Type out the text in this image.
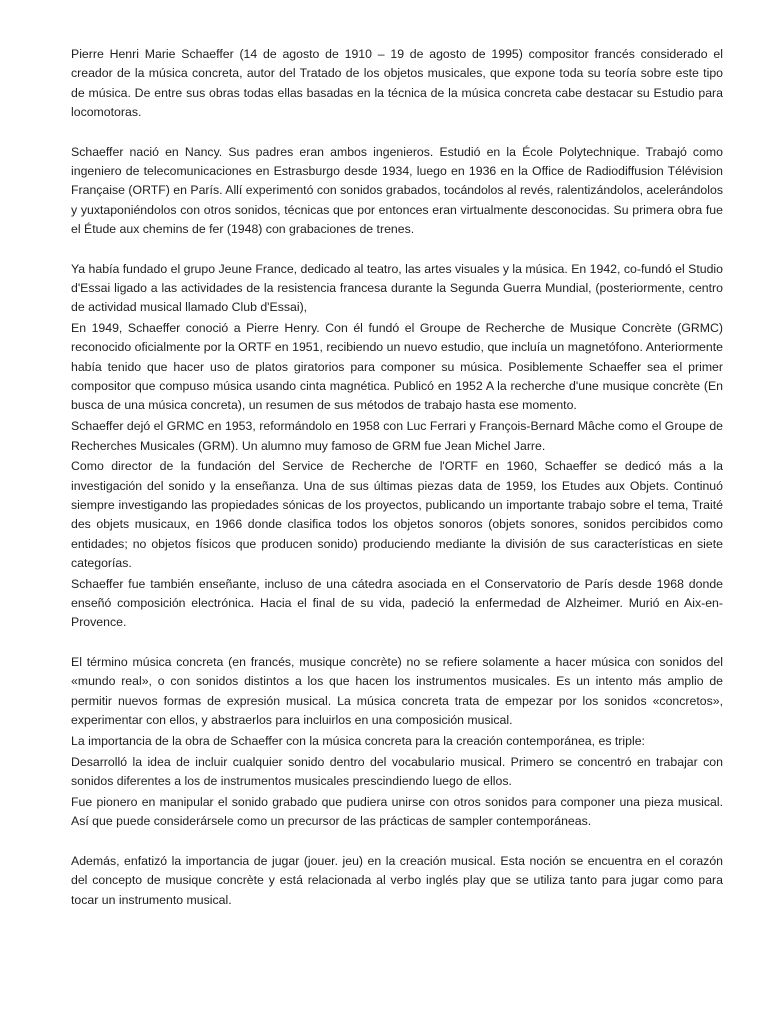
Pierre Henri Marie Schaeffer (14 de agosto de 1910 – 19 de agosto de 1995) compositor francés considerado el creador de la música concreta, autor del Tratado de los objetos musicales, que expone toda su teoría sobre este tipo de música. De entre sus obras todas ellas basadas en la técnica de la música concreta cabe destacar su Estudio para locomotoras.

Schaeffer nació en Nancy. Sus padres eran ambos ingenieros. Estudió en la École Polytechnique. Trabajó como ingeniero de telecomunicaciones en Estrasburgo desde 1934, luego en 1936 en la Office de Radiodiffusion Télévision Française (ORTF) en París. Allí experimentó con sonidos grabados, tocándolos al revés, ralentizándolos, acelerándolos y yuxtaponiéndolos con otros sonidos, técnicas que por entonces eran virtualmente desconocidas. Su primera obra fue el Étude aux chemins de fer (1948) con grabaciones de trenes.

Ya había fundado el grupo Jeune France, dedicado al teatro, las artes visuales y la música. En 1942, co-fundó el Studio d'Essai ligado a las actividades de la resistencia francesa durante la Segunda Guerra Mundial, (posteriormente, centro de actividad musical llamado Club d'Essai),

En 1949, Schaeffer conoció a Pierre Henry. Con él fundó el Groupe de Recherche de Musique Concrète (GRMC) reconocido oficialmente por la ORTF en 1951, recibiendo un nuevo estudio, que incluía un magnetófono. Anteriormente había tenido que hacer uso de platos giratorios para componer su música. Posiblemente Schaeffer sea el primer compositor que compuso música usando cinta magnética. Publicó en 1952 A la recherche d'une musique concrète (En busca de una música concreta), un resumen de sus métodos de trabajo hasta ese momento.

Schaeffer dejó el GRMC en 1953, reformándolo en 1958 con Luc Ferrari y François-Bernard Mâche como el Groupe de Recherches Musicales (GRM). Un alumno muy famoso de GRM fue Jean Michel Jarre.

Como director de la fundación del Service de Recherche de l'ORTF en 1960, Schaeffer se dedicó más a la investigación del sonido y la enseñanza. Una de sus últimas piezas data de 1959, los Etudes aux Objets. Continuó siempre investigando las propiedades sónicas de los proyectos, publicando un importante trabajo sobre el tema, Traité des objets musicaux, en 1966 donde clasifica todos los objetos sonoros (objets sonores, sonidos percibidos como entidades; no objetos físicos que producen sonido) produciendo mediante la división de sus características en siete categorías.

Schaeffer fue también enseñante, incluso de una cátedra asociada en el Conservatorio de París desde 1968 donde enseñó composición electrónica. Hacia el final de su vida, padeció la enfermedad de Alzheimer. Murió en Aix-en-Provence.

El término música concreta (en francés, musique concrète) no se refiere solamente a hacer música con sonidos del «mundo real», o con sonidos distintos a los que hacen los instrumentos musicales. Es un intento más amplio de permitir nuevos formas de expresión musical. La música concreta trata de empezar por los sonidos «concretos», experimentar con ellos, y abstraerlos para incluirlos en una composición musical.

La importancia de la obra de Schaeffer con la música concreta para la creación contemporánea, es triple:

Desarrolló la idea de incluir cualquier sonido dentro del vocabulario musical. Primero se concentró en trabajar con sonidos diferentes a los de instrumentos musicales prescindiendo luego de ellos.

Fue pionero en manipular el sonido grabado que pudiera unirse con otros sonidos para componer una pieza musical. Así que puede considerársele como un precursor de las prácticas de sampler contemporáneas.

Además, enfatizó la importancia de jugar (jouer. jeu) en la creación musical. Esta noción se encuentra en el corazón del concepto de musique concrète y está relacionada al verbo inglés play que se utiliza tanto para jugar como para tocar un instrumento musical.
